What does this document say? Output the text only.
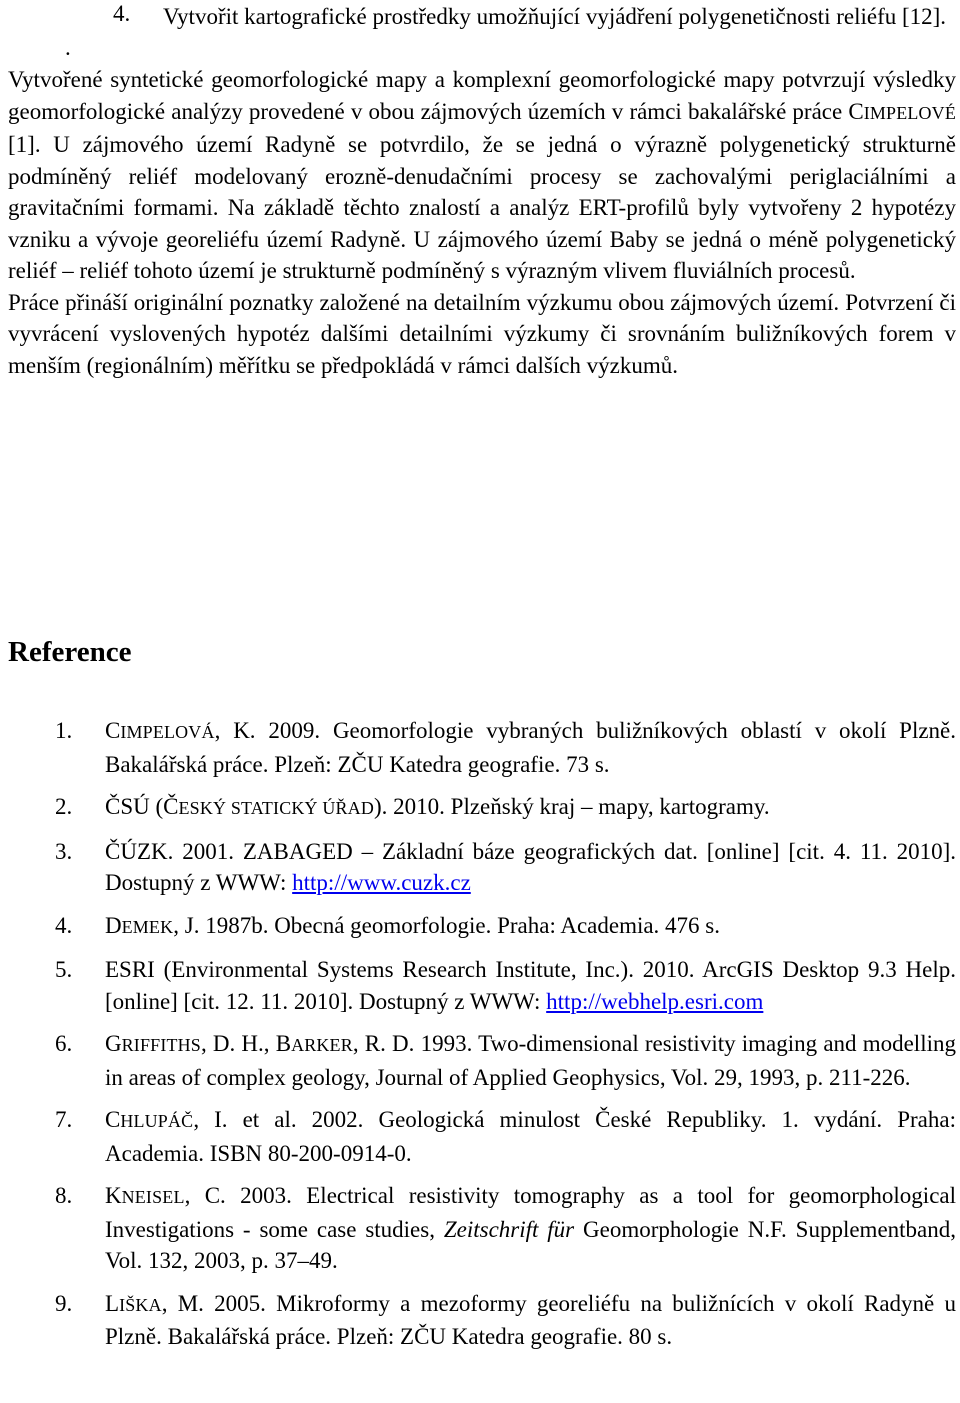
4. Vytvořit kartografické prostředky umožňující vyjádření polygenetičnosti reliéfu [12].

.

Vytvořené syntetické geomorfologické mapy a komplexní geomorfologické mapy potvrzují výsledky geomorfologické analýzy provedené v obou zájmových územích v rámci bakalářské práce CIMPELOVÉ [1]. U zájmového území Radyně se potvrdilo, že se jedná o výrazně polygenetický strukturně podmíněný reliéf modelovaný erozně-denudačními procesy se zachovalými periglaciálními a gravitačními formami. Na základě těchto znalostí a analýz ERT-profilů byly vytvořeny 2 hypotézy vzniku a vývoje georeliéfu území Radyně. U zájmového území Baby se jedná o méně polygenetický reliéf – reliéf tohoto území je strukturně podmíněný s výrazným vlivem fluviálních procesů.

Práce přináší originální poznatky založené na detailním výzkumu obou zájmových území. Potvrzení či vyvrácení vyslovených hypotéz dalšími detailními výzkumy či srovnáním buližníkových forem v menším (regionálním) měřítku se předpokládá v rámci dalších výzkumů.

Reference
1. CIMPELOVÁ, K. 2009. Geomorfologie vybraných buližníkových oblastí v okolí Plzně. Bakalářská práce. Plzeň: ZČU Katedra geografie. 73 s.
2. ČSÚ (ČESKÝ STATICKÝ ÚŘAD). 2010. Plzeňský kraj – mapy, kartogramy.
3. ČÚZK. 2001. ZABAGED – Základní báze geografických dat. [online] [cit. 4. 11. 2010]. Dostupný z WWW: http://www.cuzk.cz
4. DEMEK, J. 1987b. Obecná geomorfologie. Praha: Academia. 476 s.
5. ESRI (Environmental Systems Research Institute, Inc.). 2010. ArcGIS Desktop 9.3 Help. [online] [cit. 12. 11. 2010]. Dostupný z WWW: http://webhelp.esri.com
6. GRIFFITHS, D. H., BARKER, R. D. 1993. Two-dimensional resistivity imaging and modelling in areas of complex geology, Journal of Applied Geophysics, Vol. 29, 1993, p. 211-226.
7. CHLUPÁČ, I. et al. 2002. Geologická minulost České Republiky. 1. vydání. Praha: Academia. ISBN 80-200-0914-0.
8. KNEISEL, C. 2003. Electrical resistivity tomography as a tool for geomorphological Investigations - some case studies, Zeitschrift für Geomorphologie N.F. Supplementband, Vol. 132, 2003, p. 37–49.
9. LIŠKA, M. 2005. Mikroformy a mezoformy georeliéfu na buližnících v okolí Radyně u Plzně. Bakalářská práce. Plzeň: ZČU Katedra geografie. 80 s.
